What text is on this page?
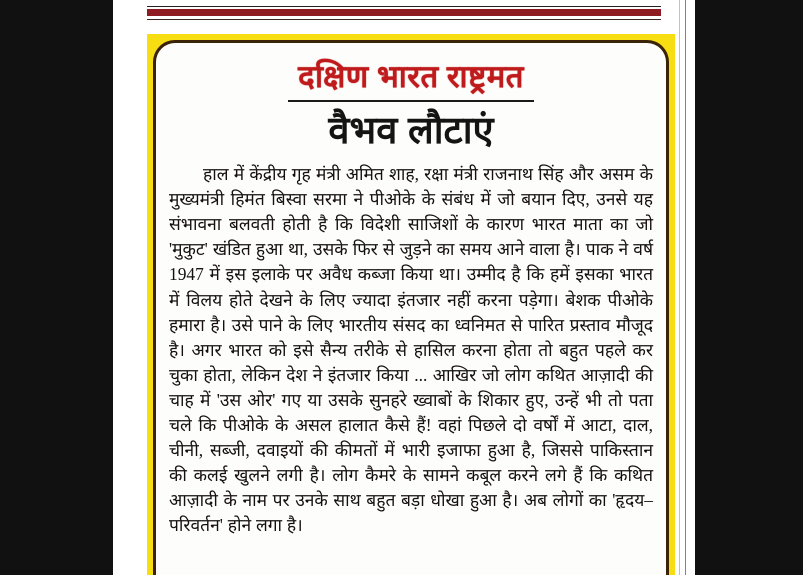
दक्षिण भारत राष्ट्रमत
वैभव लौटाएं
हाल में केंद्रीय गृह मंत्री अमित शाह, रक्षा मंत्री राजनाथ सिंह और असम के मुख्यमंत्री हिमंत बिस्वा सरमा ने पीओके के संबंध में जो बयान दिए, उनसे यह संभावना बलवती होती है कि विदेशी साजिशों के कारण भारत माता का जो 'मुकुट' खंडित हुआ था, उसके फिर से जुड़ने का समय आने वाला है। पाक ने वर्ष 1947 में इस इलाके पर अवैध कब्जा किया था। उम्मीद है कि हमें इसका भारत में विलय होते देखने के लिए ज्यादा इंतजार नहीं करना पड़ेगा। बेशक पीओके हमारा है। उसे पाने के लिए भारतीय संसद का ध्वनिमत से पारित प्रस्ताव मौजूद है। अगर भारत को इसे सैन्य तरीके से हासिल करना होता तो बहुत पहले कर चुका होता, लेकिन देश ने इंतजार किया ... आखिर जो लोग कथित आज़ादी की चाह में 'उस ओर' गए या उसके सुनहरे ख्वाबों के शिकार हुए, उन्हें भी तो पता चले कि पीओके के असल हालात कैसे हैं! वहां पिछले दो वर्षों में आटा, दाल, चीनी, सब्जी, दवाइयों की कीमतों में भारी इजाफा हुआ है, जिससे पाकिस्तान की कलई खुलने लगी है। लोग कैमरे के सामने कबूल करने लगे हैं कि कथित आज़ादी के नाम पर उनके साथ बहुत बड़ा धोखा हुआ है। अब लोगों का 'हृदय–परिवर्तन' होने लगा है।
